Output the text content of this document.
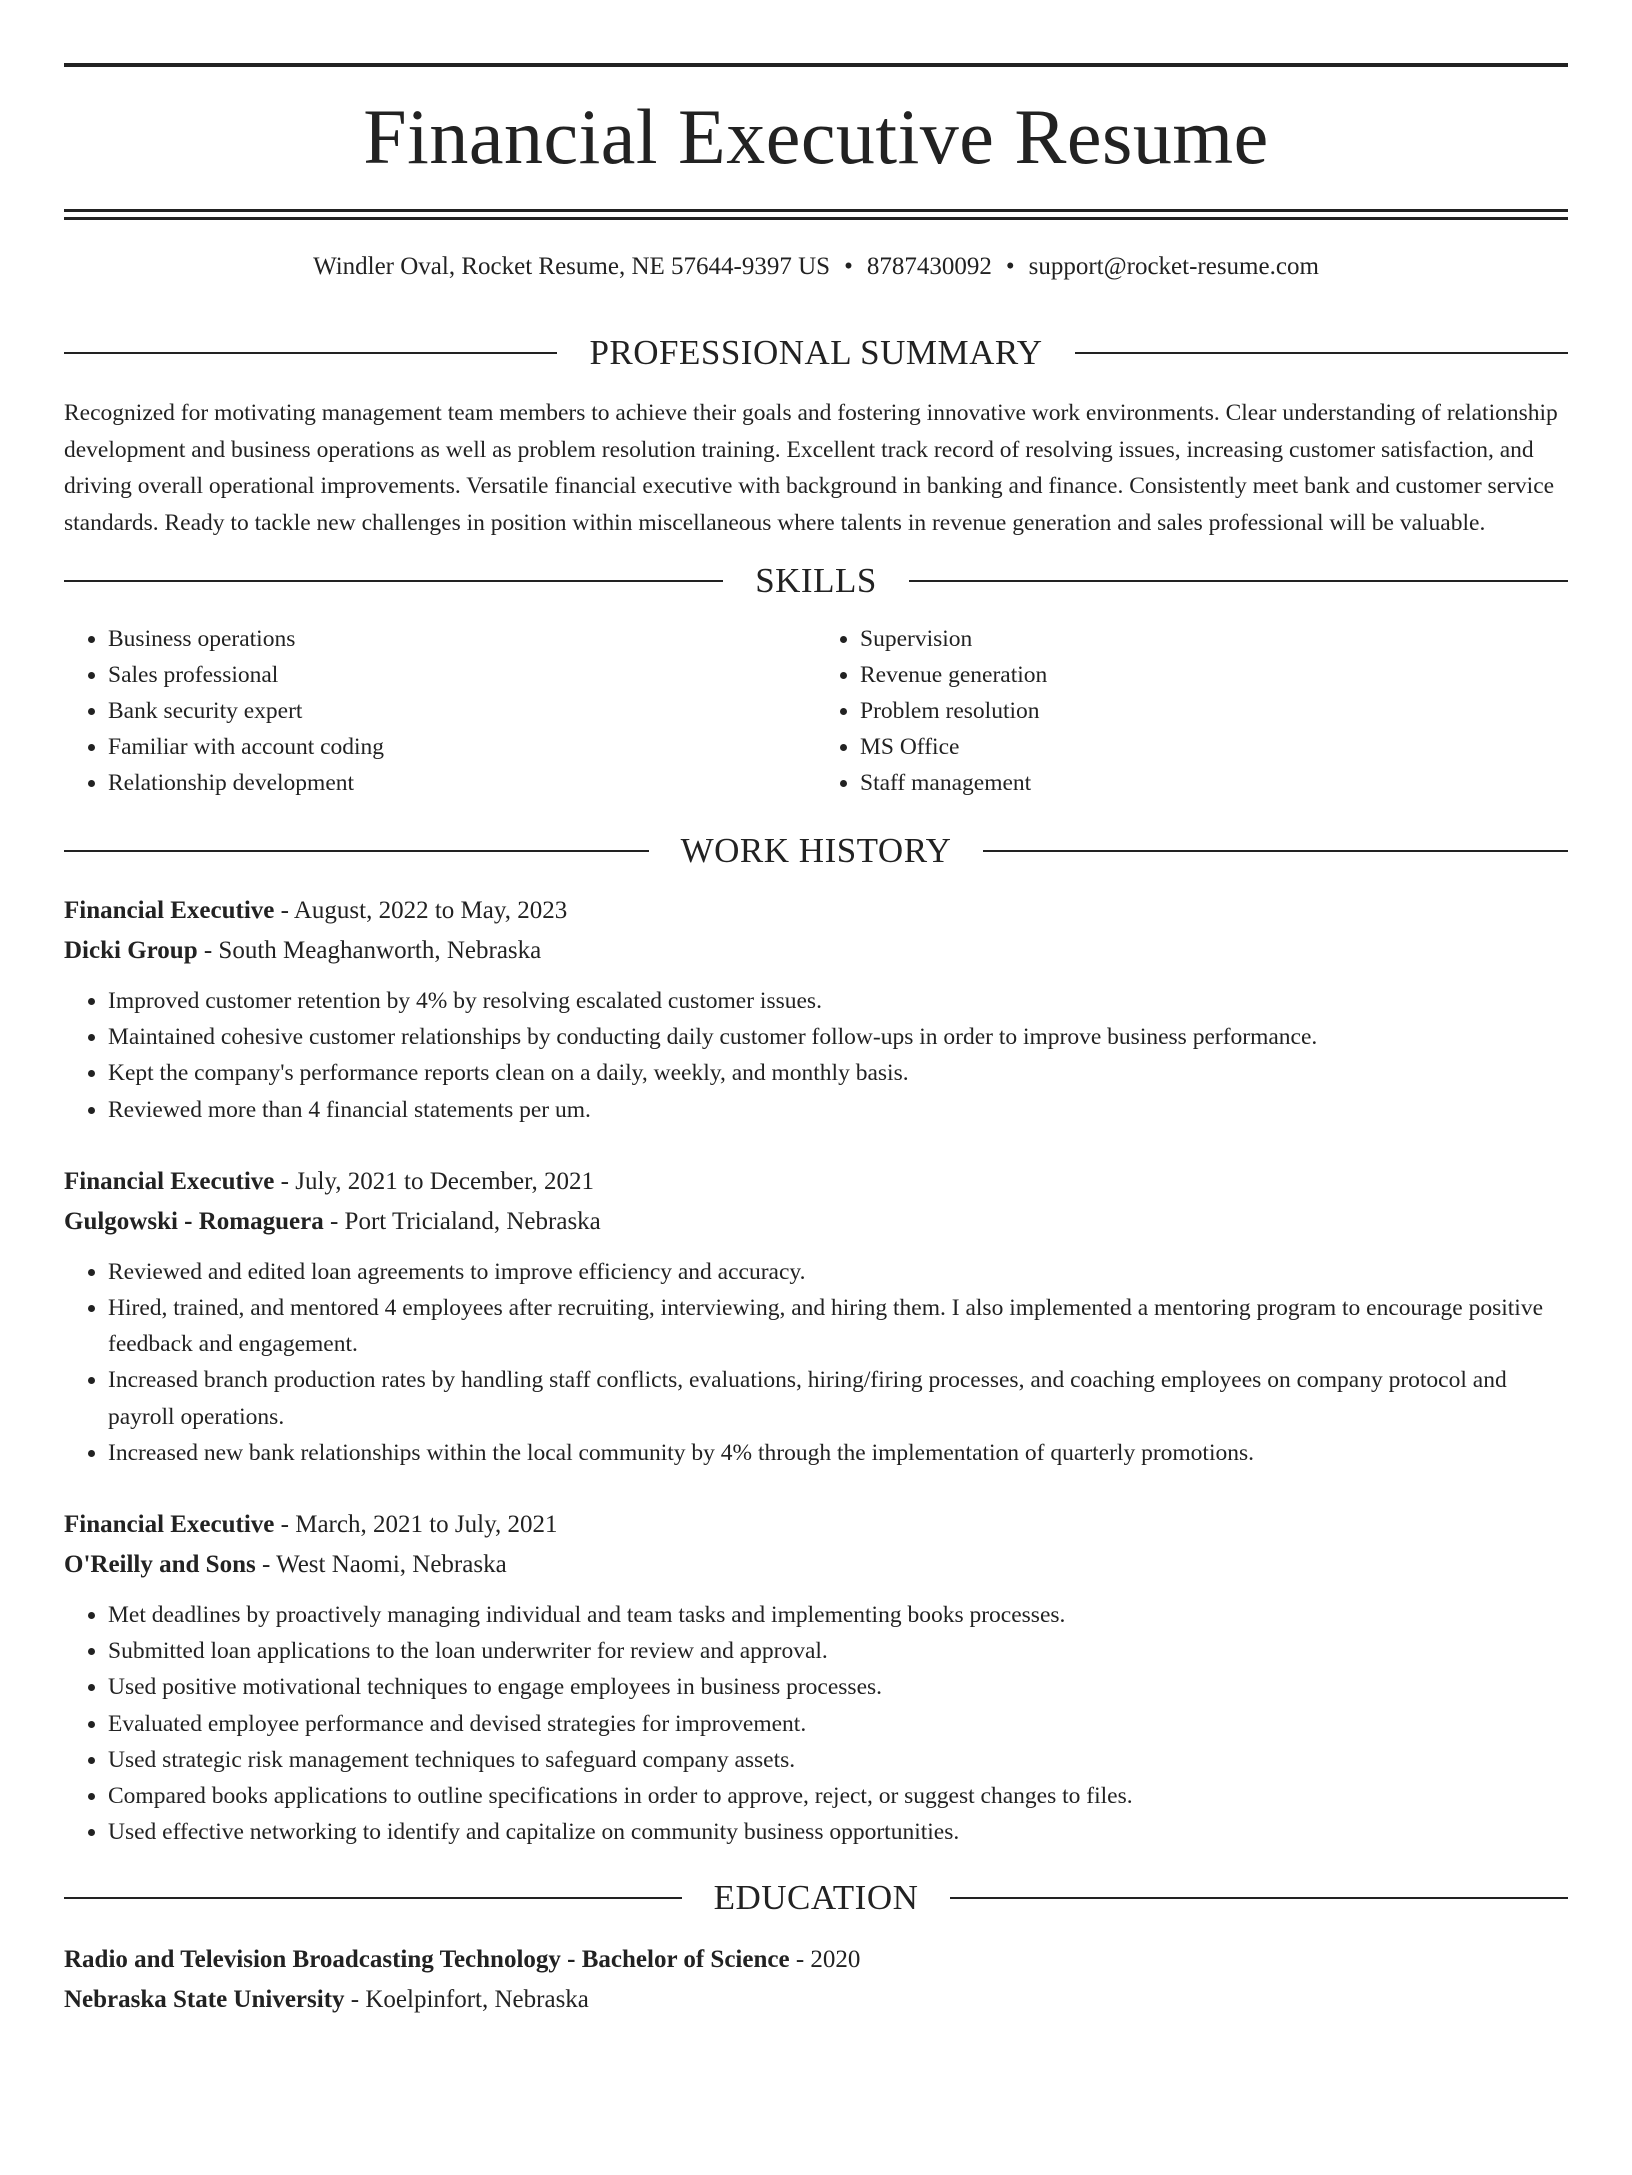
Financial Executive Resume
Windler Oval, Rocket Resume, NE 57644-9397 US • 8787430092 • support@rocket-resume.com
PROFESSIONAL SUMMARY

Recognized for motivating management team members to achieve their goals and fostering innovative work environments. Clear understanding of relationship development and business operations as well as problem resolution training. Excellent track record of resolving issues, increasing customer satisfaction, and driving overall operational improvements. Versatile financial executive with background in banking and finance. Consistently meet bank and customer service standards. Ready to tackle new challenges in position within miscellaneous where talents in revenue generation and sales professional will be valuable.

SKILLS
• Business operations
• Sales professional
• Bank security expert
• Familiar with account coding
• Relationship development
• Supervision
• Revenue generation
• Problem resolution
• MS Office
• Staff management
WORK HISTORY
Financial Executive - August, 2022 to May, 2023
Dicki Group - South Meaghanworth, Nebraska
• Improved customer retention by 4% by resolving escalated customer issues.
• Maintained cohesive customer relationships by conducting daily customer follow-ups in order to improve business performance.
• Kept the company's performance reports clean on a daily, weekly, and monthly basis.
• Reviewed more than 4 financial statements per um.
Financial Executive - July, 2021 to December, 2021
Gulgowski - Romaguera - Port Tricialand, Nebraska
• Reviewed and edited loan agreements to improve efficiency and accuracy.
• Hired, trained, and mentored 4 employees after recruiting, interviewing, and hiring them. I also implemented a mentoring program to encourage positive feedback and engagement.
• Increased branch production rates by handling staff conflicts, evaluations, hiring/firing processes, and coaching employees on company protocol and payroll operations.
• Increased new bank relationships within the local community by 4% through the implementation of quarterly promotions.
Financial Executive - March, 2021 to July, 2021
O'Reilly and Sons - West Naomi, Nebraska
• Met deadlines by proactively managing individual and team tasks and implementing books processes.
• Submitted loan applications to the loan underwriter for review and approval.
• Used positive motivational techniques to engage employees in business processes.
• Evaluated employee performance and devised strategies for improvement.
• Used strategic risk management techniques to safeguard company assets.
• Compared books applications to outline specifications in order to approve, reject, or suggest changes to files.
• Used effective networking to identify and capitalize on community business opportunities.
EDUCATION
Radio and Television Broadcasting Technology - Bachelor of Science - 2020
Nebraska State University - Koelpinfort, Nebraska
